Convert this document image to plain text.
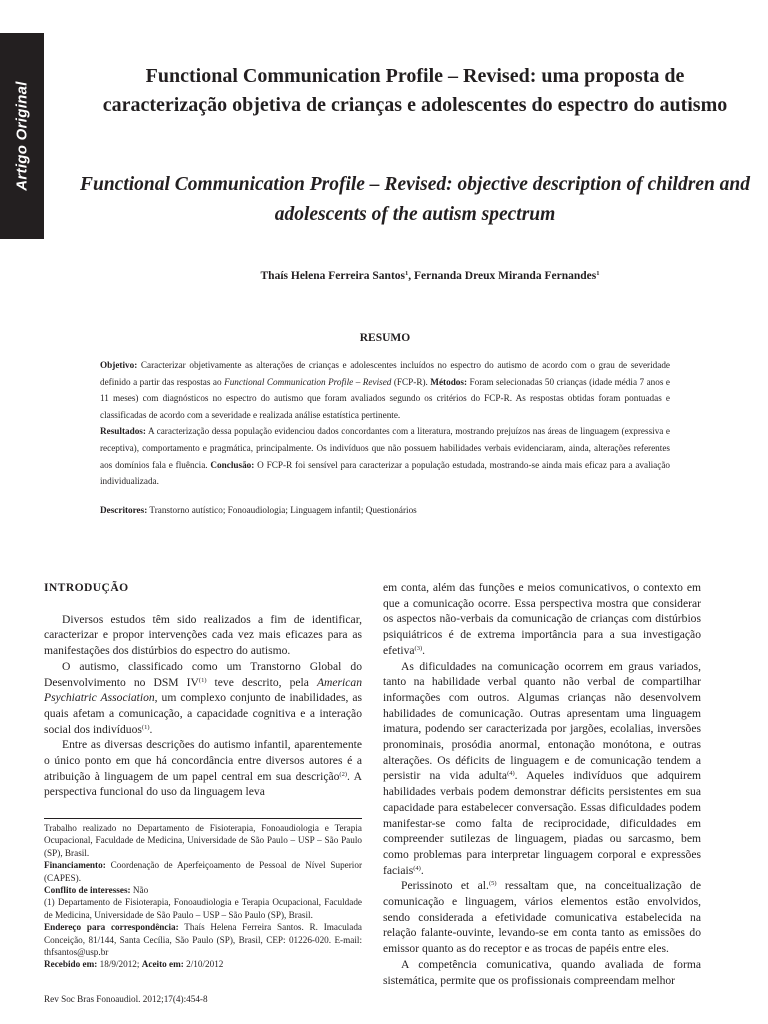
Artigo Original
Functional Communication Profile – Revised: uma proposta de caracterização objetiva de crianças e adolescentes do espectro do autismo
Functional Communication Profile – Revised: objective description of children and adolescents of the autism spectrum
Thaís Helena Ferreira Santos$^1$, Fernanda Dreux Miranda Fernandes$^1$
RESUMO

Objetivo: Caracterizar objetivamente as alterações de crianças e adolescentes incluídos no espectro do autismo de acordo com o grau de severidade definido a partir das respostas ao Functional Communication Profile – Revised (FCP-R). Métodos: Foram selecionadas 50 crianças (idade média 7 anos e 11 meses) com diagnósticos no espectro do autismo que foram avaliados segundo os critérios do FCP-R. As respostas obtidas foram pontuadas e classificadas de acordo com a severidade e realizada análise estatística pertinente.
Resultados: A caracterização dessa população evidenciou dados concordantes com a literatura, mostrando prejuízos nas áreas de linguagem (expressiva e receptiva), comportamento e pragmática, principalmente. Os indivíduos que não possuem habilidades verbais evidenciaram, ainda, alterações referentes aos domínios fala e fluência. Conclusão: O FCP-R foi sensível para caracterizar a população estudada, mostrando-se ainda mais eficaz para a avaliação individualizada.

Descritores: Transtorno autístico; Fonoaudiologia; Linguagem infantil; Questionários

INTRODUÇÃO

Diversos estudos têm sido realizados a fim de identificar, caracterizar e propor intervenções cada vez mais eficazes para as manifestações dos distúrbios do espectro do autismo.

O autismo, classificado como um Transtorno Global do Desenvolvimento no DSM IV$^{(1)}$ teve descrito, pela American Psychiatric Association, um complexo conjunto de inabilidades, as quais afetam a comunicação, a capacidade cognitiva e a interação social dos indivíduos$^{(1)}$.

Entre as diversas descrições do autismo infantil, aparentemente o único ponto em que há concordância entre diversos autores é a atribuição à linguagem de um papel central em sua descrição$^{(2)}$. A perspectiva funcional do uso da linguagem leva

Trabalho realizado no Departamento de Fisioterapia, Fonoaudiologia e Terapia Ocupacional, Faculdade de Medicina, Universidade de São Paulo – USP – São Paulo (SP), Brasil.
Financiamento: Coordenação de Aperfeiçoamento de Pessoal de Nível Superior (CAPES).
Conflito de interesses: Não
(1) Departamento de Fisioterapia, Fonoaudiologia e Terapia Ocupacional, Faculdade de Medicina, Universidade de São Paulo – USP – São Paulo (SP), Brasil.
Endereço para correspondência: Thaís Helena Ferreira Santos. R. Imaculada Conceição, 81/144, Santa Cecília, São Paulo (SP), Brasil, CEP: 01226-020. E-mail: thfsantos@usp.br
Recebido em: 18/9/2012; Aceito em: 2/10/2012

em conta, além das funções e meios comunicativos, o contexto em que a comunicação ocorre. Essa perspectiva mostra que considerar os aspectos não-verbais da comunicação de crianças com distúrbios psiquiátricos é de extrema importância para a sua investigação efetiva$^{(3)}$.

As dificuldades na comunicação ocorrem em graus variados, tanto na habilidade verbal quanto não verbal de compartilhar informações com outros. Algumas crianças não desenvolvem habilidades de comunicação. Outras apresentam uma linguagem imatura, podendo ser caracterizada por jargões, ecolalias, inversões pronominais, prosódia anormal, entonação monótona, e outras alterações. Os déficits de linguagem e de comunicação tendem a persistir na vida adulta$^{(4)}$. Aqueles indivíduos que adquirem habilidades verbais podem demonstrar déficits persistentes em sua capacidade para estabelecer conversação. Essas dificuldades podem manifestar-se como falta de reciprocidade, dificuldades em compreender sutilezas de linguagem, piadas ou sarcasmo, bem como problemas para interpretar linguagem corporal e expressões faciais$^{(4)}$.

Perissinoto et al.$^{(5)}$ ressaltam que, na conceitualização de comunicação e linguagem, vários elementos estão envolvidos, sendo considerada a efetividade comunicativa estabelecida na relação falante-ouvinte, levando-se em conta tanto as emissões do emissor quanto as do receptor e as trocas de papéis entre eles.

A competência comunicativa, quando avaliada de forma sistemática, permite que os profissionais compreendam melhor

Rev Soc Bras Fonoaudiol. 2012;17(4):454-8
